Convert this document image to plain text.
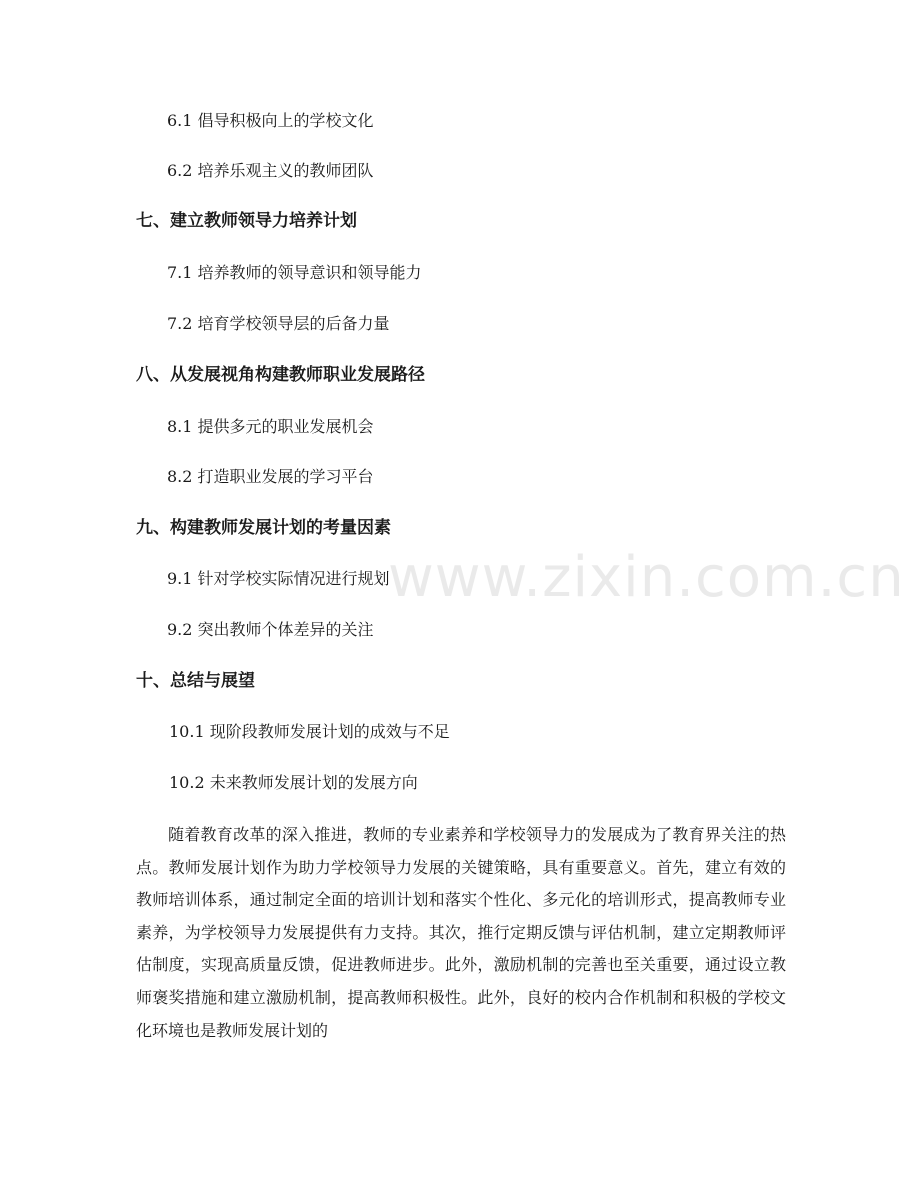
6.1 倡导积极向上的学校文化
6.2 培养乐观主义的教师团队
七、建立教师领导力培养计划
7.1 培养教师的领导意识和领导能力
7.2 培育学校领导层的后备力量
八、从发展视角构建教师职业发展路径
8.1 提供多元的职业发展机会
8.2 打造职业发展的学习平台
九、构建教师发展计划的考量因素
9.1 针对学校实际情况进行规划
9.2 突出教师个体差异的关注
十、总结与展望
10.1 现阶段教师发展计划的成效与不足
10.2 未来教师发展计划的发展方向

随着教育改革的深入推进，教师的专业素养和学校领导力的发展成为了教育界关注的热点。教师发展计划作为助力学校领导力发展的关键策略，具有重要意义。首先，建立有效的教师培训体系，通过制定全面的培训计划和落实个性化、多元化的培训形式，提高教师专业素养，为学校领导力发展提供有力支持。其次，推行定期反馈与评估机制，建立定期教师评估制度，实现高质量反馈，促进教师进步。此外，激励机制的完善也至关重要，通过设立教师褒奖措施和建立激励机制，提高教师积极性。此外，良好的校内合作机制和积极的学校文化环境也是教师发展计划的

www.zixin.com.cn
